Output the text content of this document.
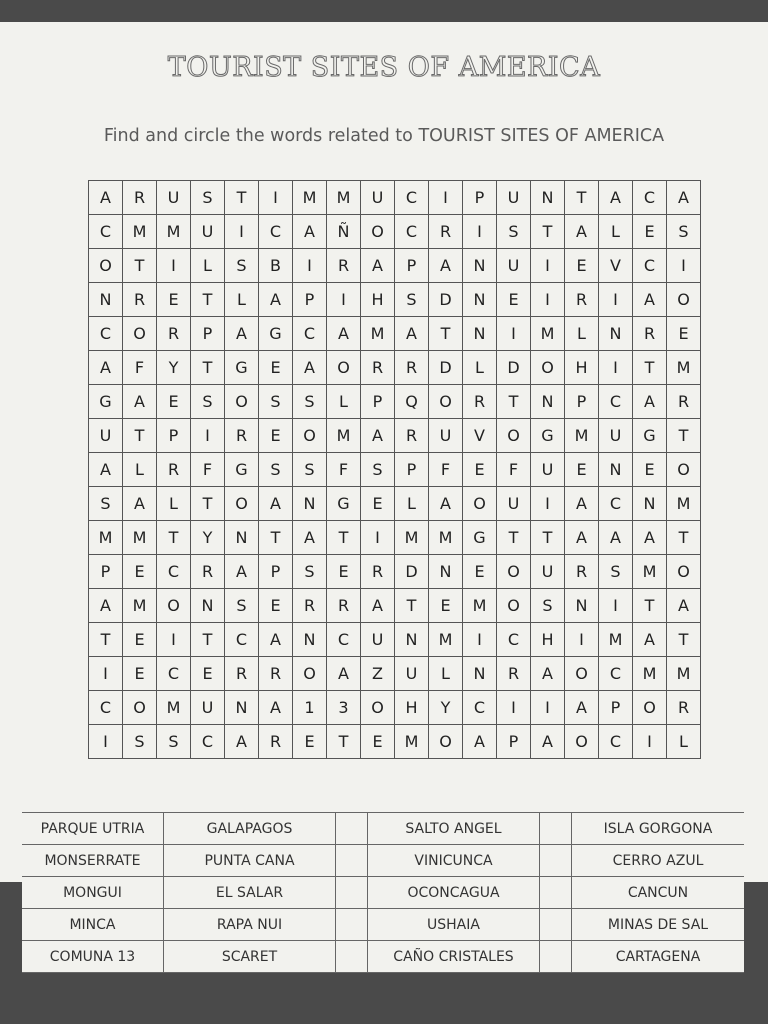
TOURIST SITES OF AMERICA
Find and circle the words related to TOURIST SITES OF AMERICA
A	R	U	S	T	I	M	M	U	C	I	P	U	N	T	A	C	A
C	M	M	U	I	C	A	Ñ	O	C	R	I	S	T	A	L	E	S
O	T	I	L	S	B	I	R	A	P	A	N	U	I	E	V	C	I
N	R	E	T	L	A	P	I	H	S	D	N	E	I	R	I	A	O
C	O	R	P	A	G	C	A	M	A	T	N	I	M	L	N	R	E
A	F	Y	T	G	E	A	O	R	R	D	L	D	O	H	I	T	M
G	A	E	S	O	S	S	L	P	Q	O	R	T	N	P	C	A	R
U	T	P	I	R	E	O	M	A	R	U	V	O	G	M	U	G	T
A	L	R	F	G	S	S	F	S	P	F	E	F	U	E	N	E	O
S	A	L	T	O	A	N	G	E	L	A	O	U	I	A	C	N	M
M	M	T	Y	N	T	A	T	I	M	M	G	T	T	A	A	A	T
P	E	C	R	A	P	S	E	R	D	N	E	O	U	R	S	M	O
A	M	O	N	S	E	R	R	A	T	E	M	O	S	N	I	T	A
T	E	I	T	C	A	N	C	U	N	M	I	C	H	I	M	A	T
I	E	C	E	R	R	O	A	Z	U	L	N	R	A	O	C	M	M
C	O	M	U	N	A	1	3	O	H	Y	C	I	I	A	P	O	R
I	S	S	C	A	R	E	T	E	M	O	A	P	A	O	C	I	L
PARQUE UTRIA	GALAPAGOS	SALTO ANGEL	ISLA GORGONA
MONSERRATE	PUNTA CANA	VINICUNCA	CERRO AZUL
MONGUI	EL SALAR	OCONCAGUA	CANCUN
MINCA	RAPA NUI	USHAIA	MINAS DE SAL
COMUNA 13	SCARET	CAÑO CRISTALES	CARTAGENA
